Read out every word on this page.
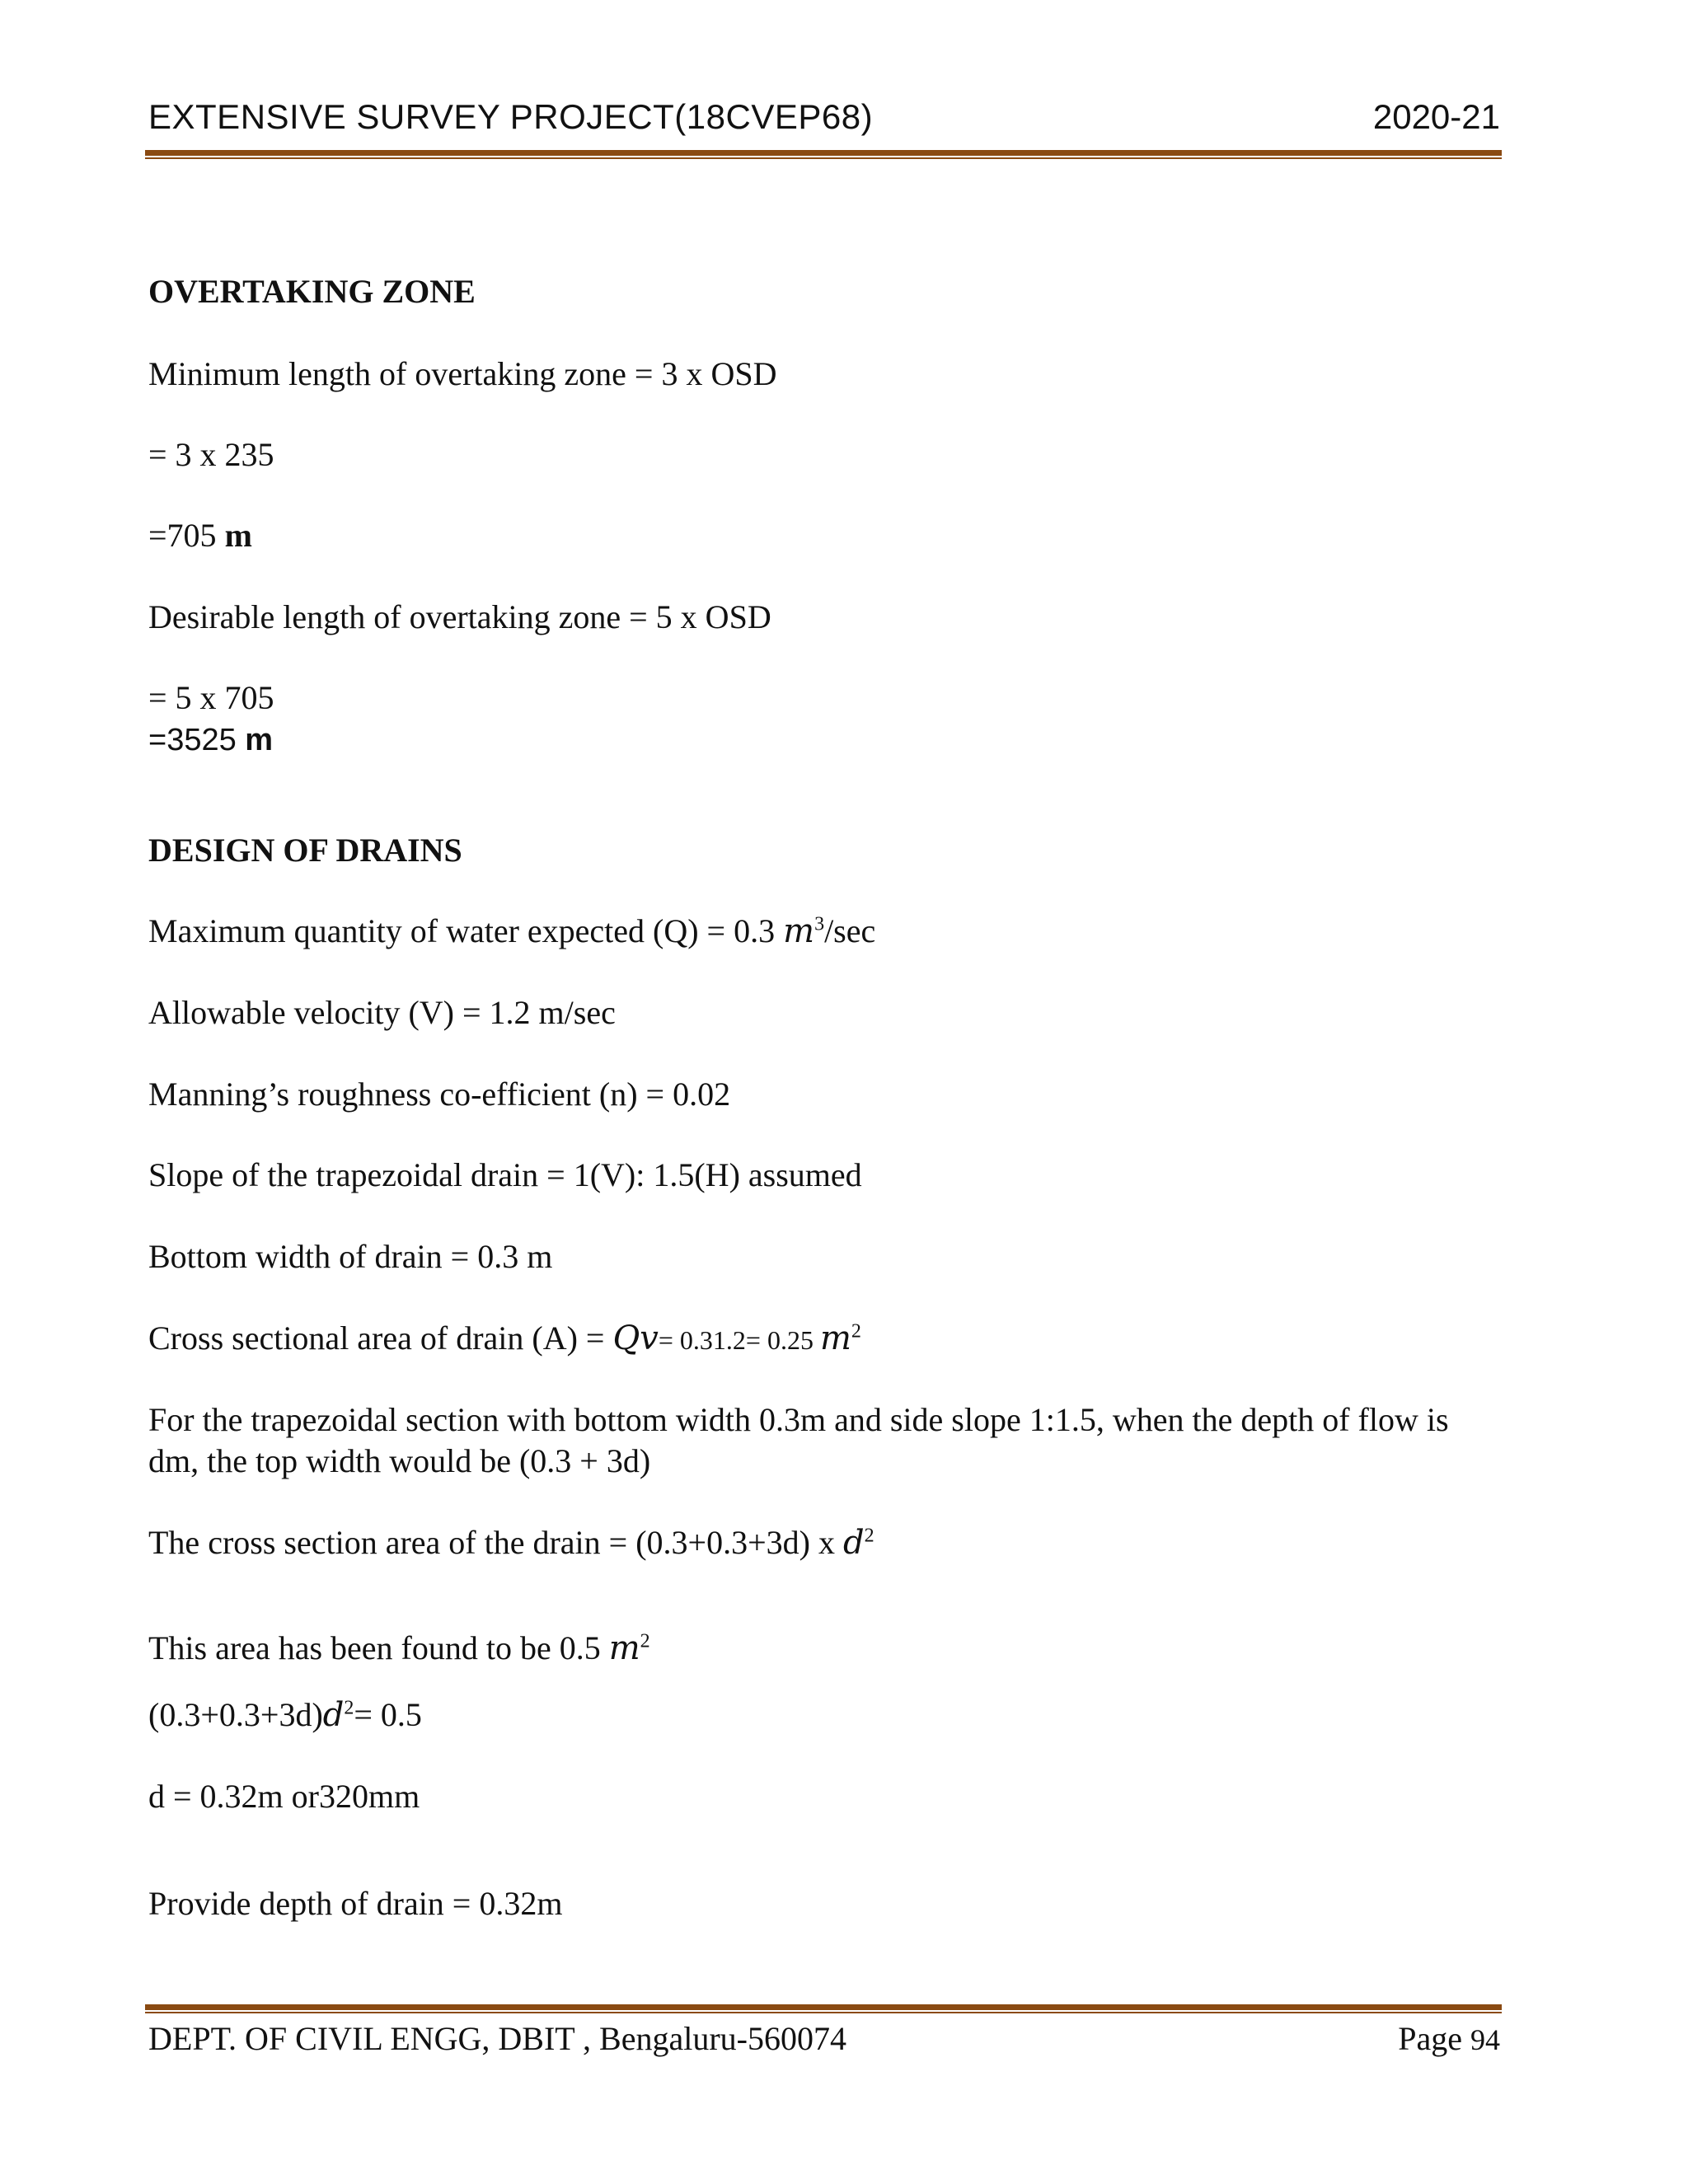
EXTENSIVE SURVEY PROJECT(18CVEP68)	2020-21
OVERTAKING ZONE
Minimum length of overtaking zone = 3 x OSD
= 3 x 235
=705 m
Desirable length of overtaking zone = 5 x OSD
= 5 x 705
=3525 m
DESIGN OF DRAINS
Maximum quantity of water expected (Q) = 0.3 $m^3/\sec$
Allowable velocity (V) = 1.2 m/sec
Manning’s roughness co-efficient (n) = 0.02
Slope of the trapezoidal drain = 1(V): 1.5(H) assumed
Bottom width of drain = 0.3 m
Cross sectional area of drain (A) = Qv= 0.31.2= 0.25 $m^2$
For the trapezoidal section with bottom width 0.3m and side slope 1:1.5, when the depth of flow is dm, the top width would be (0.3 + 3d)
The cross section area of the drain = (0.3+0.3+3d) x $d^2$
This area has been found to be 0.5 $m^2$
$(0.3+0.3+3d)d^2= 0.5$
d = 0.32m or320mm
Provide depth of drain = 0.32m
DEPT. OF CIVIL ENGG, DBIT , Bengaluru-560074	Page 94
